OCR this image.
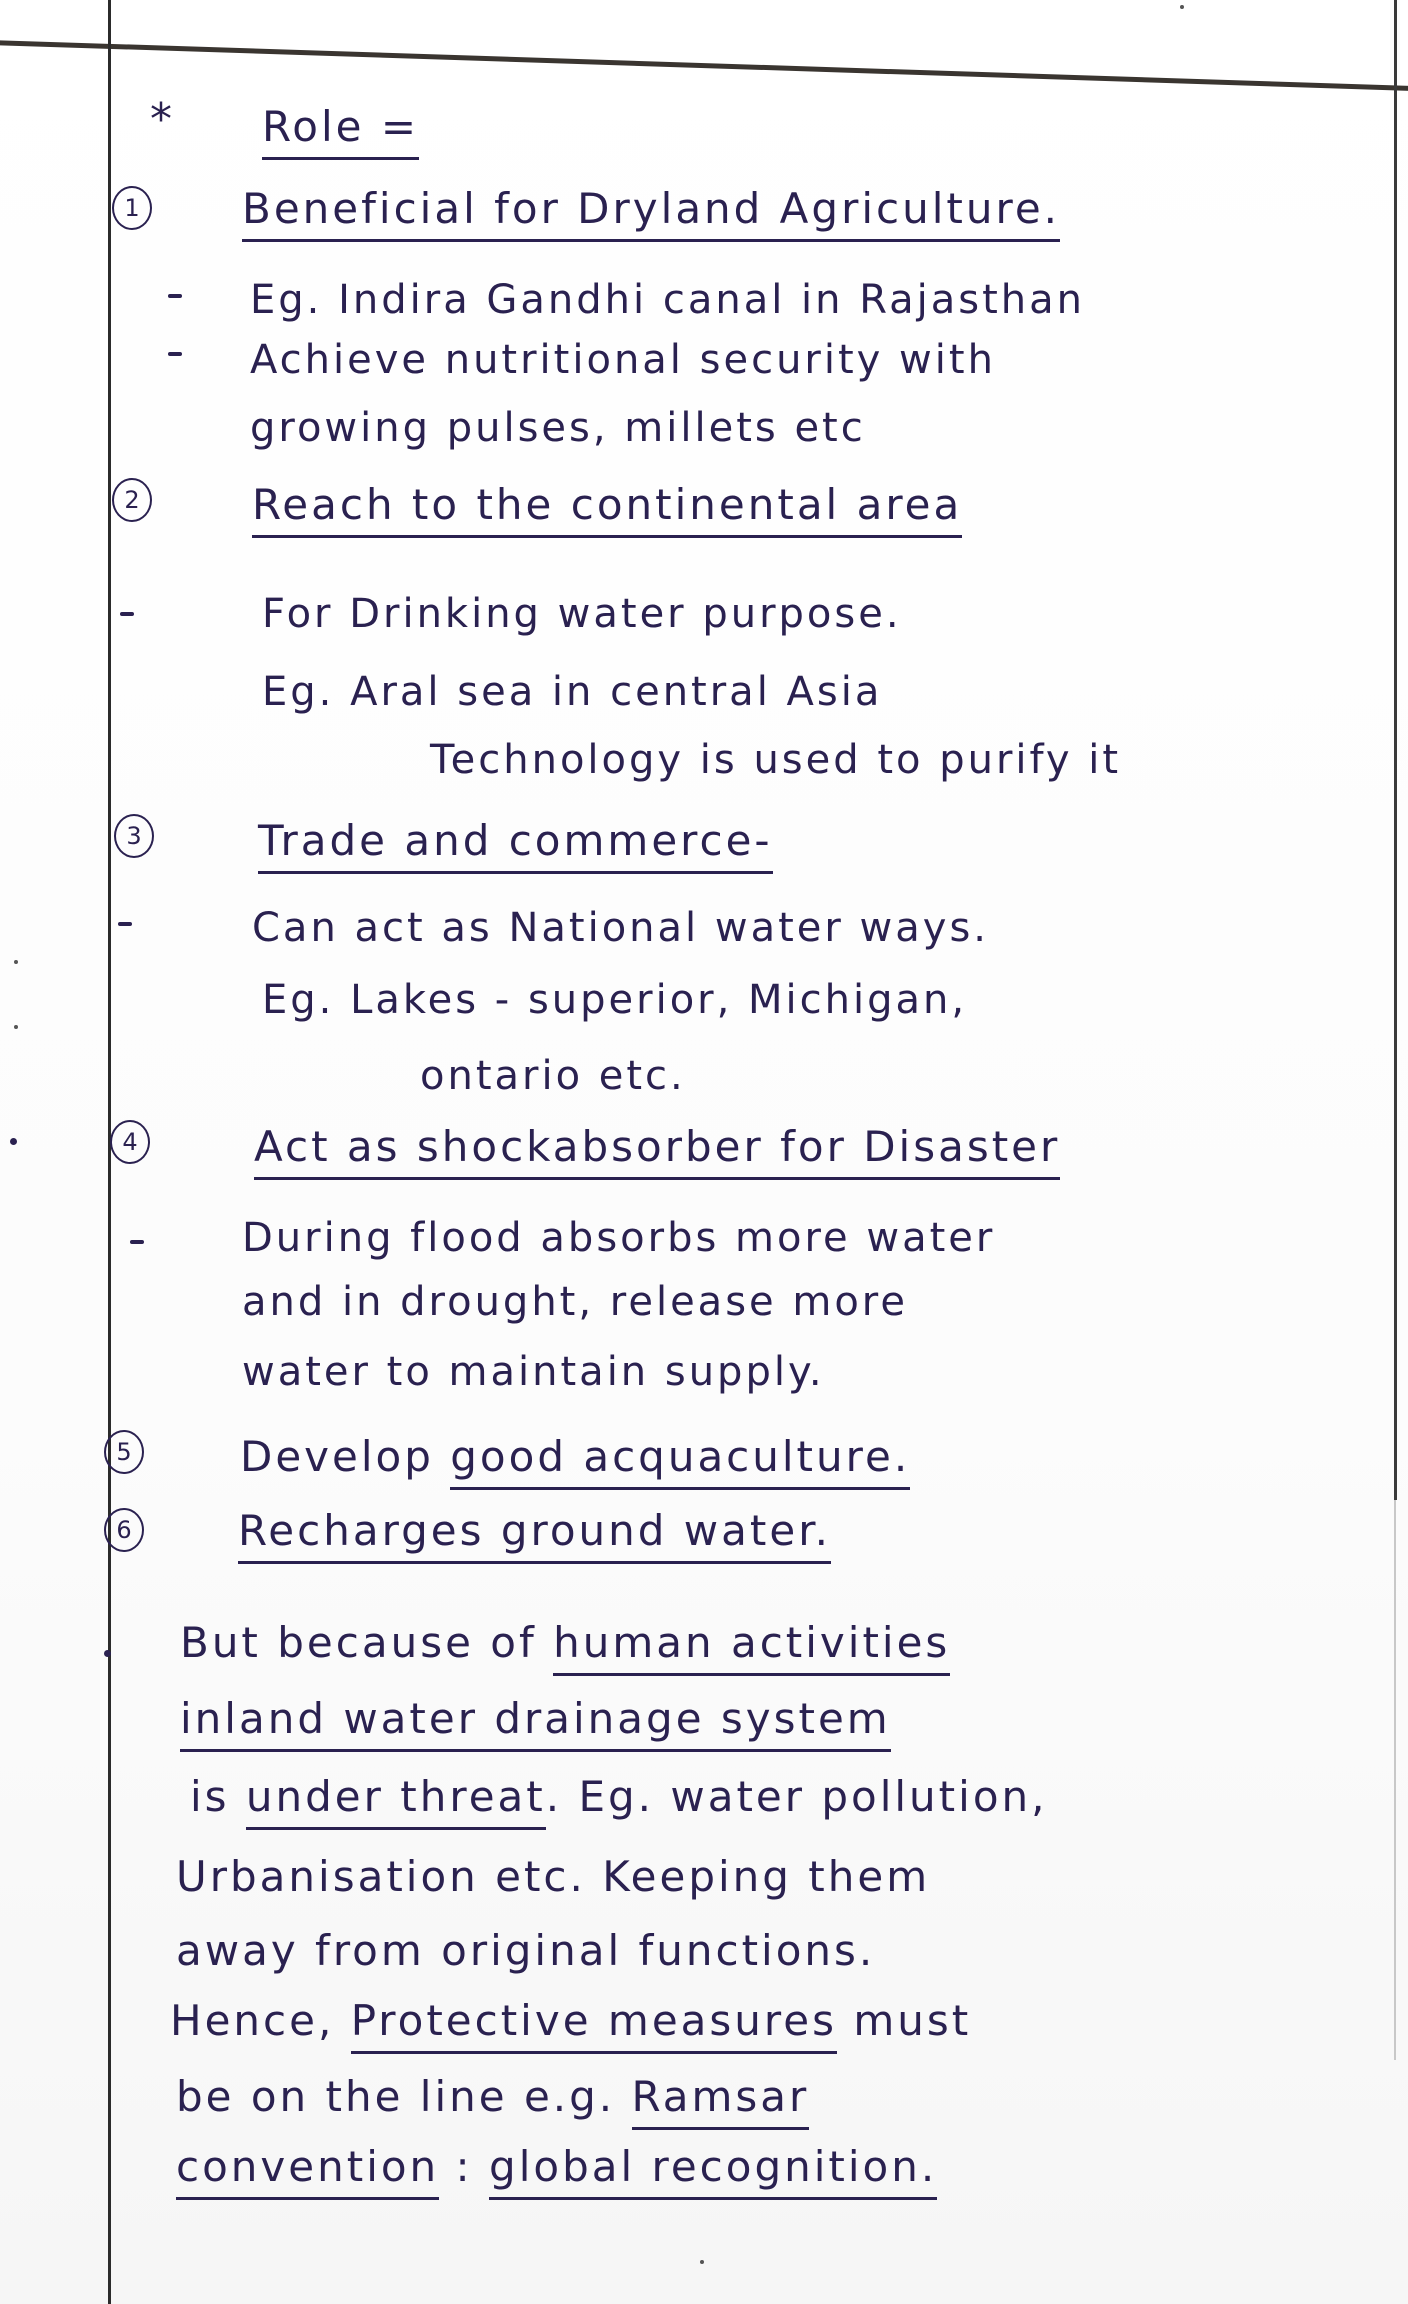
* Role =
1 Beneficial for Dryland Agriculture.
Eg. Indira Gandhi canal in Rajasthan
Achieve nutritional security with
growing pulses, millets etc
2	Reach to the continental area
For Drinking water purpose.
Eg. Aral sea in central Asia
Technology is used to purify it
3	Trade and commerce-
Can act as National water ways.
Eg. Lakes - superior, Michigan,
ontario etc.
4	Act as shockabsorber for Disaster
During flood absorbs more water
and in drought, release more
water to maintain supply.
5	Develop good acquaculture.
6	Recharges ground water.
But because of human activities
inland water drainage system
is under threat. Eg. water pollution,
Urbanisation etc. Keeping them
away from original functions.
Hence, Protective measures must
be on the line e.g. Ramsar
convention : global recognition.
